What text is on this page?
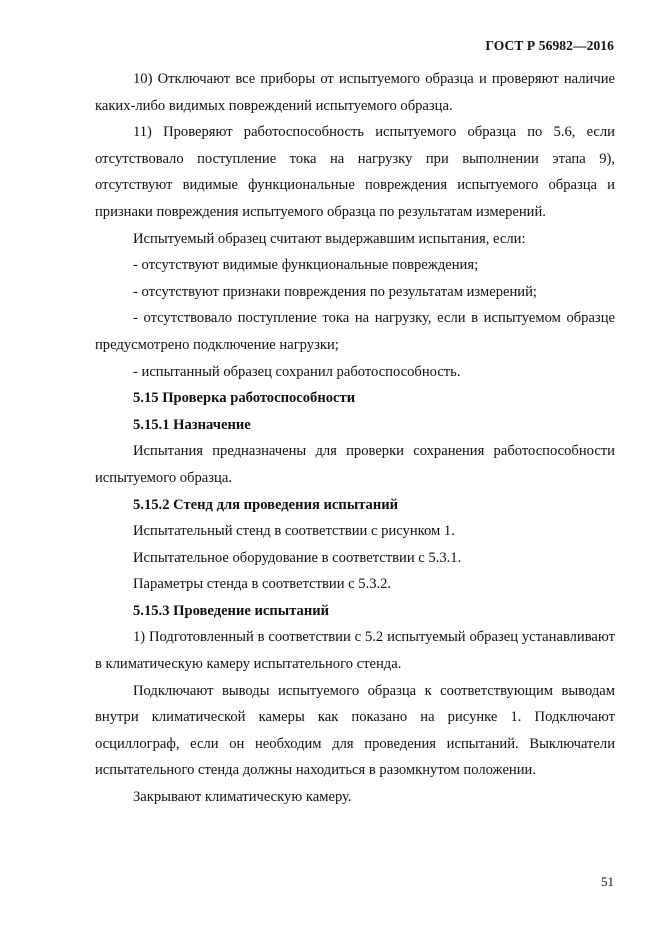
ГОСТ Р 56982—2016

10) Отключают все приборы от испытуемого образца и проверяют наличие каких-либо видимых повреждений испытуемого образца.

11) Проверяют работоспособность испытуемого образца по 5.6, если отсутствовало поступление тока на нагрузку при выполнении этапа 9), отсутствуют видимые функциональные повреждения испытуемого образца и признаки повреждения испытуемого образца по результатам измерений.

Испытуемый образец считают выдержавшим испытания, если:

- отсутствуют видимые функциональные повреждения;

- отсутствуют признаки повреждения по результатам измерений;

- отсутствовало поступление тока на нагрузку, если в испытуемом образце предусмотрено подключение нагрузки;

- испытанный образец сохранил работоспособность.

5.15 Проверка работоспособности

5.15.1 Назначение

Испытания предназначены для проверки сохранения работоспособности испытуемого образца.

5.15.2 Стенд для проведения испытаний

Испытательный стенд в соответствии с рисунком 1.

Испытательное оборудование в соответствии с 5.3.1.

Параметры стенда в соответствии с 5.3.2.

5.15.3 Проведение испытаний

1) Подготовленный в соответствии с 5.2 испытуемый образец устанавливают в климатическую камеру испытательного стенда.

Подключают выводы испытуемого образца к соответствующим выводам внутри климатической камеры как показано на рисунке 1. Подключают осциллограф, если он необходим для проведения испытаний. Выключатели испытательного стенда должны находиться в разомкнутом положении.

Закрывают климатическую камеру.

51
